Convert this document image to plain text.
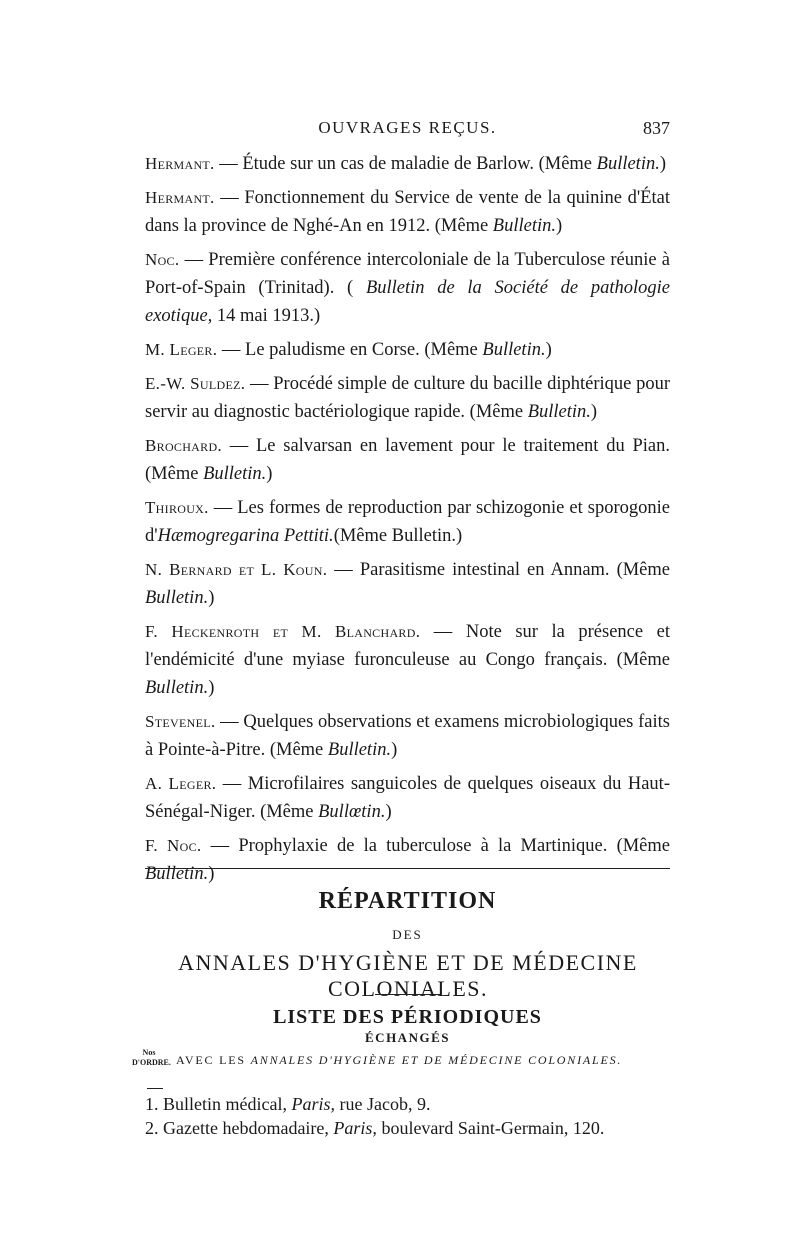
OUVRAGES REÇUS.	837

Hermant. — Étude sur un cas de maladie de Barlow. (Même Bulletin.)

Hermant. — Fonctionnement du Service de vente de la quinine d'État dans la province de Nghé-An en 1912. (Même Bulletin.)

Noc. — Première conférence intercoloniale de la Tuberculose réunie à Port-of-Spain (Trinitad). ( Bulletin de la Société de pathologie exotique, 14 mai 1913.)

M. Leger. — Le paludisme en Corse. (Même Bulletin.)

E.-W. Suldez. — Procédé simple de culture du bacille diphtérique pour servir au diagnostic bactériologique rapide. (Même Bulletin.)

Brochard. — Le salvarsan en lavement pour le traitement du Pian. (Même Bulletin.)

Thiroux. — Les formes de reproduction par schizogonie et sporogonie d'Hæmogregarina Pettiti.(Même Bulletin.)

N. Bernard et L. Koun. — Parasitisme intestinal en Annam. (Même Bulletin.)

F. Heckenroth et M. Blanchard. — Note sur la présence et l'endémicité d'une myiase furonculeuse au Congo français. (Même Bulletin.)

Stevenel. — Quelques observations et examens microbiologiques faits à Pointe-à-Pitre. (Même Bulletin.)

A. Leger. — Microfilaires sanguicoles de quelques oiseaux du Haut-Sénégal-Niger. (Même Bullœtin.)

F. Noc. — Prophylaxie de la tuberculose à la Martinique. (Même Bulletin.)

RÉPARTITION
DES
ANNALES D'HYGIÈNE ET DE MÉDECINE COLONIALES.
LISTE DES PÉRIODIQUES
ÉCHANGÉS
Nos
D'ORDRE. AVEC LES ANNALES D'HYGIÈNE ET DE MÉDECINE COLONIALES.
1. Bulletin médical, Paris, rue Jacob, 9.
2. Gazette hebdomadaire, Paris, boulevard Saint-Germain, 120.
